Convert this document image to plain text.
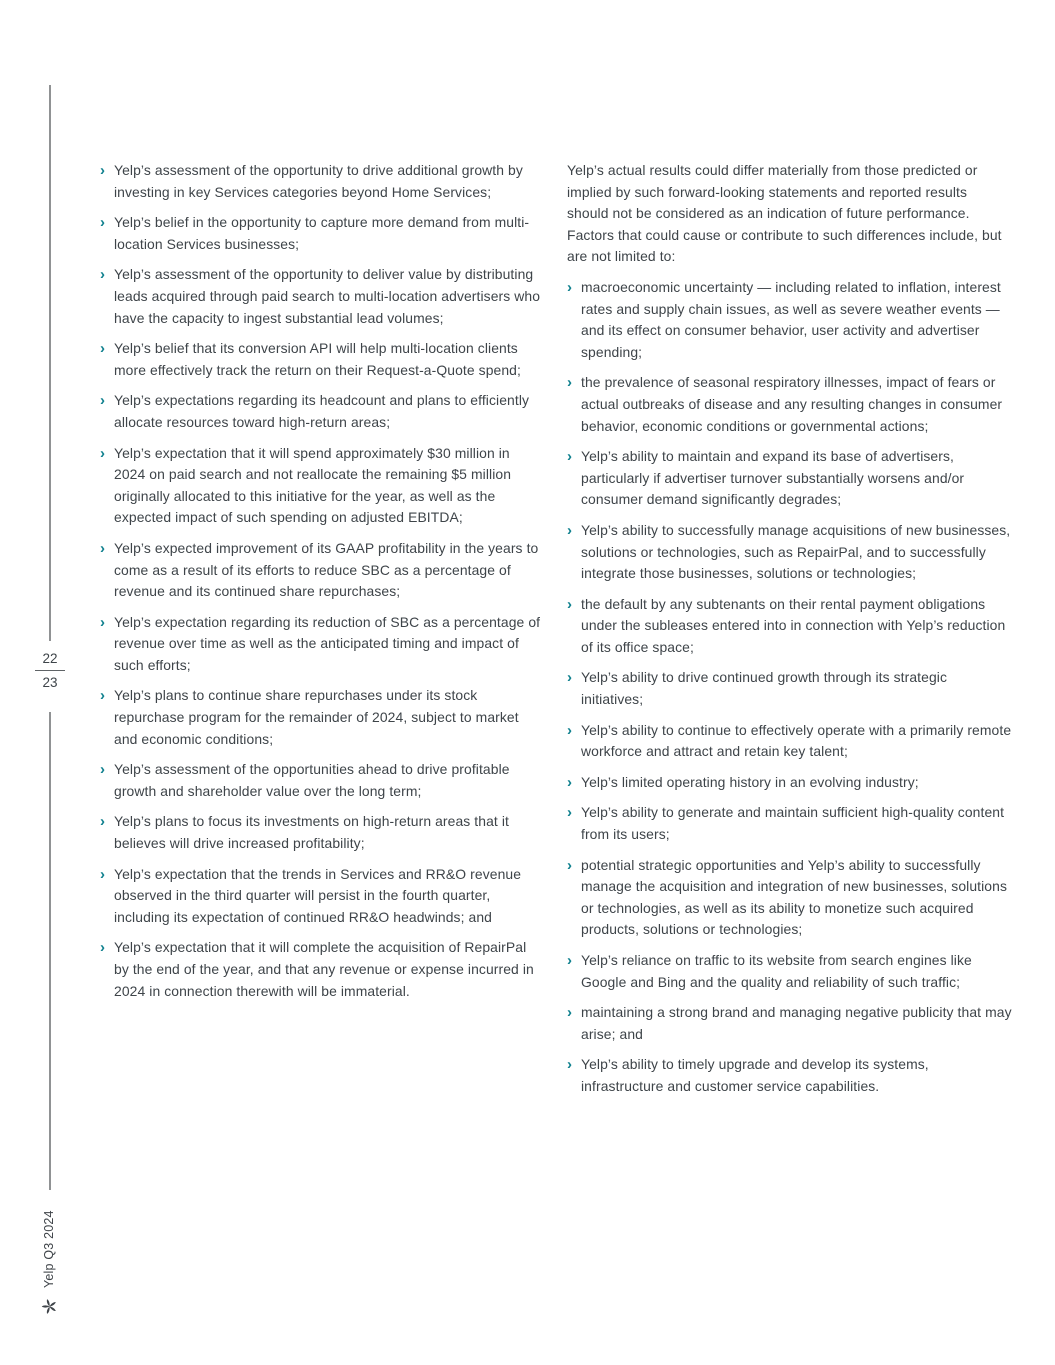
22
23
Yelp Q3 2024
› Yelp’s assessment of the opportunity to drive additional growth by investing in key Services categories beyond Home Services;
› Yelp’s belief in the opportunity to capture more demand from multi-location Services businesses;
› Yelp’s assessment of the opportunity to deliver value by distributing leads acquired through paid search to multi-location advertisers who have the capacity to ingest substantial lead volumes;
› Yelp’s belief that its conversion API will help multi-location clients more effectively track the return on their Request-a-Quote spend;
› Yelp’s expectations regarding its headcount and plans to efficiently allocate resources toward high-return areas;
› Yelp’s expectation that it will spend approximately $30 million in 2024 on paid search and not reallocate the remaining $5 million originally allocated to this initiative for the year, as well as the expected impact of such spending on adjusted EBITDA;
› Yelp’s expected improvement of its GAAP profitability in the years to come as a result of its efforts to reduce SBC as a percentage of revenue and its continued share repurchases;
› Yelp’s expectation regarding its reduction of SBC as a percentage of revenue over time as well as the anticipated timing and impact of such efforts;
› Yelp’s plans to continue share repurchases under its stock repurchase program for the remainder of 2024, subject to market and economic conditions;
› Yelp’s assessment of the opportunities ahead to drive profitable growth and shareholder value over the long term;
› Yelp’s plans to focus its investments on high-return areas that it believes will drive increased profitability;
› Yelp’s expectation that the trends in Services and RR&O revenue observed in the third quarter will persist in the fourth quarter, including its expectation of continued RR&O headwinds; and
› Yelp’s expectation that it will complete the acquisition of RepairPal by the end of the year, and that any revenue or expense incurred in 2024 in connection therewith will be immaterial.

Yelp’s actual results could differ materially from those predicted or implied by such forward-looking statements and reported results should not be considered as an indication of future performance. Factors that could cause or contribute to such differences include, but are not limited to:

› macroeconomic uncertainty — including related to inflation, interest rates and supply chain issues, as well as severe weather events — and its effect on consumer behavior, user activity and advertiser spending;
› the prevalence of seasonal respiratory illnesses, impact of fears or actual outbreaks of disease and any resulting changes in consumer behavior, economic conditions or governmental actions;
› Yelp’s ability to maintain and expand its base of advertisers, particularly if advertiser turnover substantially worsens and/or consumer demand significantly degrades;
› Yelp’s ability to successfully manage acquisitions of new businesses, solutions or technologies, such as RepairPal, and to successfully integrate those businesses, solutions or technologies;
› the default by any subtenants on their rental payment obligations under the subleases entered into in connection with Yelp’s reduction of its office space;
› Yelp’s ability to drive continued growth through its strategic initiatives;
› Yelp’s ability to continue to effectively operate with a primarily remote workforce and attract and retain key talent;
› Yelp’s limited operating history in an evolving industry;
› Yelp’s ability to generate and maintain sufficient high-quality content from its users;
› potential strategic opportunities and Yelp’s ability to successfully manage the acquisition and integration of new businesses, solutions or technologies, as well as its ability to monetize such acquired products, solutions or technologies;
› Yelp’s reliance on traffic to its website from search engines like Google and Bing and the quality and reliability of such traffic;
› maintaining a strong brand and managing negative publicity that may arise; and
› Yelp’s ability to timely upgrade and develop its systems, infrastructure and customer service capabilities.
